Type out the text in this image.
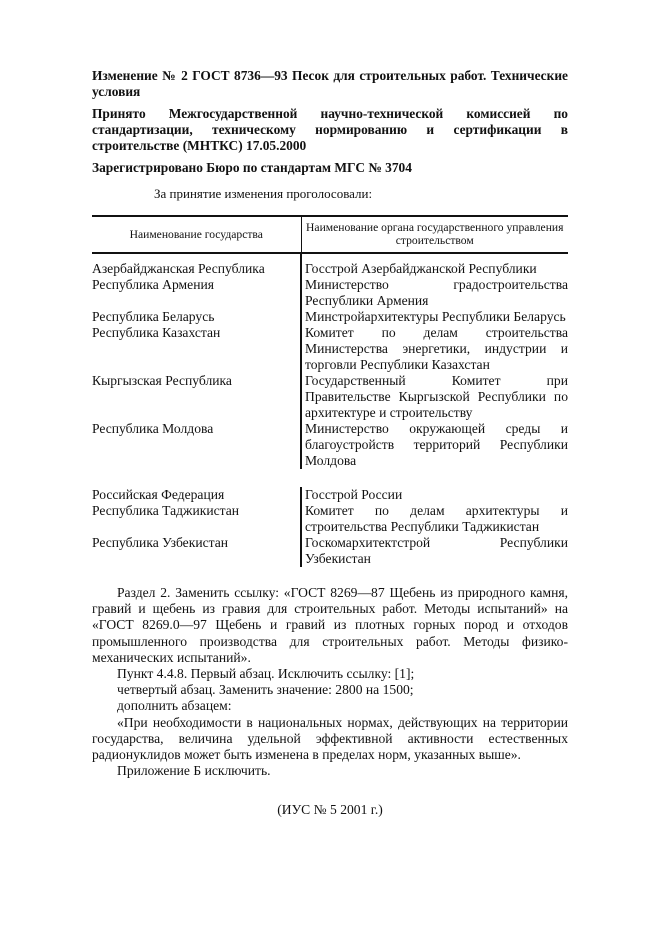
Изменение № 2 ГОСТ 8736—93 Песок для строительных работ. Технические условия

Принято Межгосударственной научно-технической комиссией по стандартизации, техническому нормированию и сертификации в строительстве (МНТКС) 17.05.2000

Зарегистрировано Бюро по стандартам МГС № 3704

За принятие изменения проголосовали:
Наименование государства	Наименование органа государственного управления строительством
Азербайджанская Республика	Госстрой Азербайджанской Республики
Республика Армения	Министерство градостроительства Республики Армения
Республика Беларусь	Минстройархитектуры Республики Беларусь
Республика Казахстан	Комитет по делам строительства Министерства энергетики, индустрии и торговли Республики Казахстан
Кыргызская Республика	Государственный Комитет при Правительстве Кыргызской Республики по архитектуре и строительству
Республика Молдова	Министерство окружающей среды и благоустройств территорий Республики Молдова

Российская Федерация	Госстрой России
Республика Таджикистан	Комитет по делам архитектуры и строительства Республики Таджикистан
Республика Узбекистан	Госкомархитектстрой Республики Узбекистан

Раздел 2. Заменить ссылку: «ГОСТ 8269—87 Щебень из природного камня, гравий и щебень из гравия для строительных работ. Методы испытаний» на «ГОСТ 8269.0—97 Щебень и гравий из плотных горных пород и отходов промышленного производства для строительных работ. Методы физико-механических испытаний».

Пункт 4.4.8. Первый абзац. Исключить ссылку: [1];

четвертый абзац. Заменить значение: 2800 на 1500;

дополнить абзацем:

«При необходимости в национальных нормах, действующих на территории государства, величина удельной эффективной активности естественных радионуклидов может быть изменена в пределах норм, указанных выше».

Приложение Б исключить.

(ИУС № 5 2001 г.)
